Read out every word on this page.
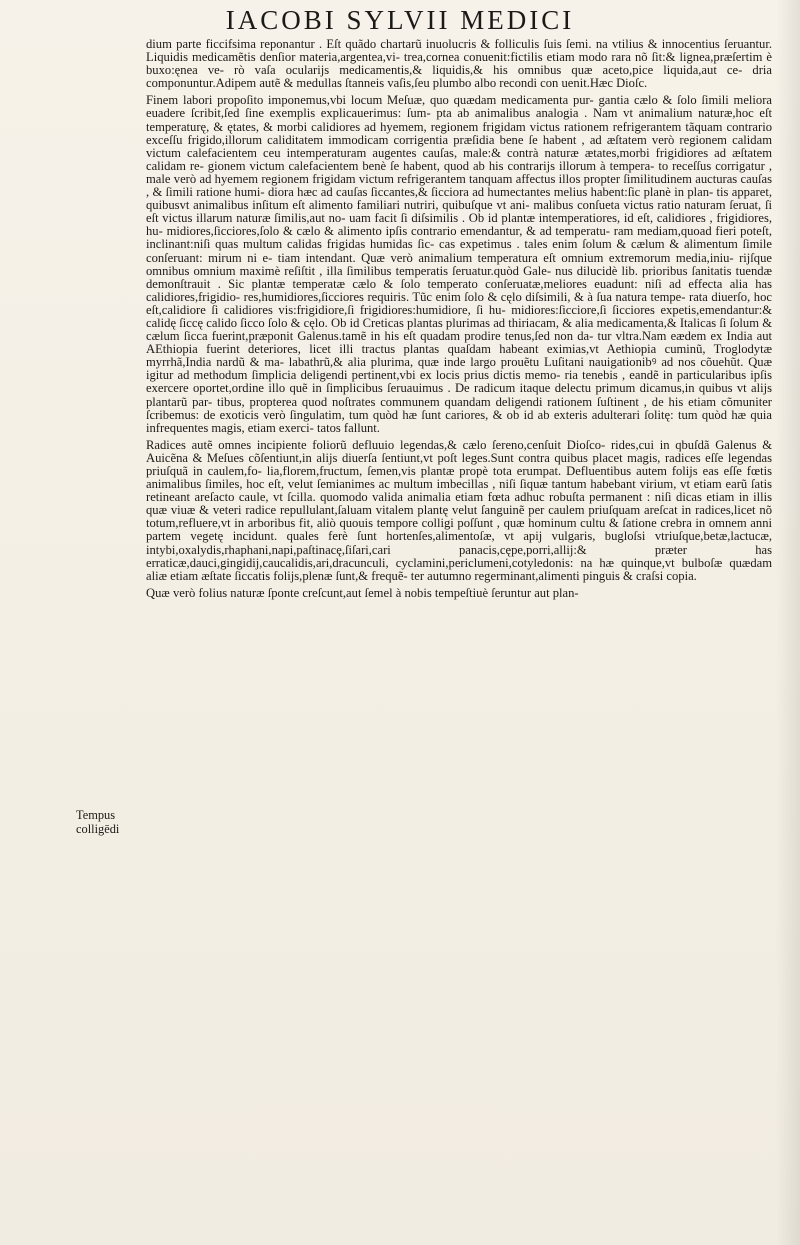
IACOBI SYLVII MEDICI

dium parte ficcifsima reponantur . Eſt quãdo chartarũ inuolucris & folliculis ſuis ſemi. na vtilius & innocentius ſeruantur. Liquidis medicamẽtis denſior materia,argentea,vi- trea,cornea conuenit:fictilis etiam modo rara nõ ſit:& lignea,præſertim è buxo:ęnea ve- rò vaſa ocularijs medicamentis,& liquidis,& his omnibus quæ aceto,pice liquida,aut ce- dria componuntur.Adipem autẽ & medullas ſtanneis vaſis,ſeu plumbo albo recondi con uenit.Hæc Dioſc.

Finem labori propoſito imponemus,vbi locum Meſuæ, quo quædam medicamenta pur- gantia cælo & ſolo ſimili meliora euadere ſcribit,ſed ſine exemplis explicauerimus: ſum- pta ab animalibus analogia . Nam vt animalium naturæ,hoc eſt temperaturę, & ętates, & morbi calidiores ad hyemem, regionem frigidam victus rationem refrigerantem tãquam contrario exceſſu frigido,illorum caliditatem immodicam corrigentia præſidia bene ſe habent , ad æſtatem verò regionem calidam victum calefacientem ceu intemperaturam augentes cauſas, male:& contrà naturæ ætates,morbi frigidiores ad æſtatem calidam re- gionem victum calefacientem benè ſe habent, quod ab his contrarijs illorum à tempera- to receſſus corrigatur , male verò ad hyemem regionem frigidam victum refrigerantem tanquam affectus illos propter ſimilitudinem aucturas cauſas , & ſimili ratione humi- diora hæc ad cauſas ſiccantes,& ſicciora ad humectantes melius habent:ſic planè in plan- tis apparet, quibusvt animalibus inſitum eſt alimento familiari nutriri, quibuſque vt ani- malibus conſueta victus ratio naturam ſeruat, ſi eſt victus illarum naturæ ſimilis,aut no- uam facit ſi diſsimilis . Ob id plantæ intemperatiores, id eſt, calidiores , frigidiores, hu- midiores,ſicciores,ſolo & cælo & alimento ipſis contrario emendantur, & ad temperatu- ram mediam,quoad fieri poteſt, inclinant:niſi quas multum calidas frigidas humidas ſic- cas expetimus . tales enim ſolum & cælum & alimentum ſimile conſeruant: mirum ni e- tiam intendant. Quæ verò animalium temperatura eſt omnium extremorum media,iniu- rijſque omnibus omnium maximè reſiſtit , illa ſimilibus temperatis ſeruatur.quòd Gale- nus dilucidè lib. prioribus ſanitatis tuendæ demonſtrauit . Sic plantæ temperatæ cælo & ſolo temperato conſeruatæ,meliores euadunt: niſi ad effecta alia has calidiores,frigidio- res,humidiores,ſicciores requiris. Tũc enim ſolo & cęlo diſsimili, & à ſua natura tempe- rata diuerſo, hoc eſt,calidiore ſi calidiores vis:frigidiore,ſi frigidiores:humidiore, ſi hu- midiores:ſicciore,ſi ſicciores expetis,emendantur:& calidę ſiccę calido ſicco ſolo & cęlo. Ob id Creticas plantas plurimas ad thiriacam, & alia medicamenta,& Italicas ſi ſolum & cælum ſicca fuerint,præponit Galenus.tamẽ in his eſt quadam prodire tenus,ſed non da- tur vltra.Nam eædem ex India aut AEthiopia fuerint deteriores, licet illi tractus plantas quaſdam habeant eximias,vt Aethiopia cuminũ, Troglodytæ myrrhã,India nardũ & ma- labathrũ,& alia plurima, quæ inde largo prouẽtu Luſitani nauigationibꝰ ad nos cõuehũt. Quæ igitur ad methodum ſimplicia deligendi pertinent,vbi ex locis prius dictis memo- ria tenebis , eandẽ in particularibus ipſis exercere oportet,ordine illo quẽ in ſimplicibus ſeruauimus . De radicum itaque delectu primum dicamus,in quibus vt alijs plantarũ par- tibus, propterea quod noſtrates communem quandam deligendi rationem ſuſtinent , de his etiam cõmuniter ſcribemus: de exoticis verò ſingulatim, tum quòd hæ ſunt cariores, & ob id ab exteris adulterari ſolitę: tum quòd hæ quia infrequentes magis, etiam exerci- tatos fallunt.

Radices autẽ omnes incipiente foliorũ defluuio legendas,& cælo ſereno,cenſuit Dioſco- rides,cui in qbuſdã Galenus & Auicẽna & Meſues cõſentiunt,in alijs diuerſa ſentiunt,vt poſt leges.Sunt contra quibus placet magis, radices eſſe legendas priuſquã in caulem,fo- lia,florem,fructum, ſemen,vis plantæ propè tota erumpat. Defluentibus autem folijs eas eſſe fœtis animalibus ſimiles, hoc eſt, velut ſemianimes ac multum imbecillas , niſi ſiquæ tantum habebant virium, vt etiam earũ ſatis retineant areſacto caule, vt ſcilla. quomodo valida animalia etiam fœta adhuc robuſta permanent : niſi dicas etiam in illis quæ viuæ & veteri radice repullulant,ſaluam vitalem plantę velut ſanguinẽ per caulem priuſquam areſcat in radices,licet nõ totum,refluere,vt in arboribus fit, aliò quouis tempore colligi poſſunt , quæ hominum cultu & ſatione crebra in omnem anni partem vegetę incidunt. quales ferè ſunt hortenſes,alimentoſæ, vt apij vulgaris, bugloſsi vtriuſque,betæ,lactucæ, intybi,oxalydis,rhaphani,napi,paſtinacę,ſiſari,cari panacis,cępe,porri,allij:& præter has erraticæ,dauci,gingidij,caucalidis,ari,dracunculi, cyclamini,periclumeni,cotyledonis: na hæ quinque,vt bulboſæ quædam aliæ etiam æſtate ſiccatis folijs,plenæ ſunt,& frequẽ- ter autumno regerminant,alimenti pinguis & craſsi copia.

Quæ verò folius naturæ ſponte creſcunt,aut ſemel à nobis tempeſtiuè ſeruntur aut plan-

Tempus
colligēdi
